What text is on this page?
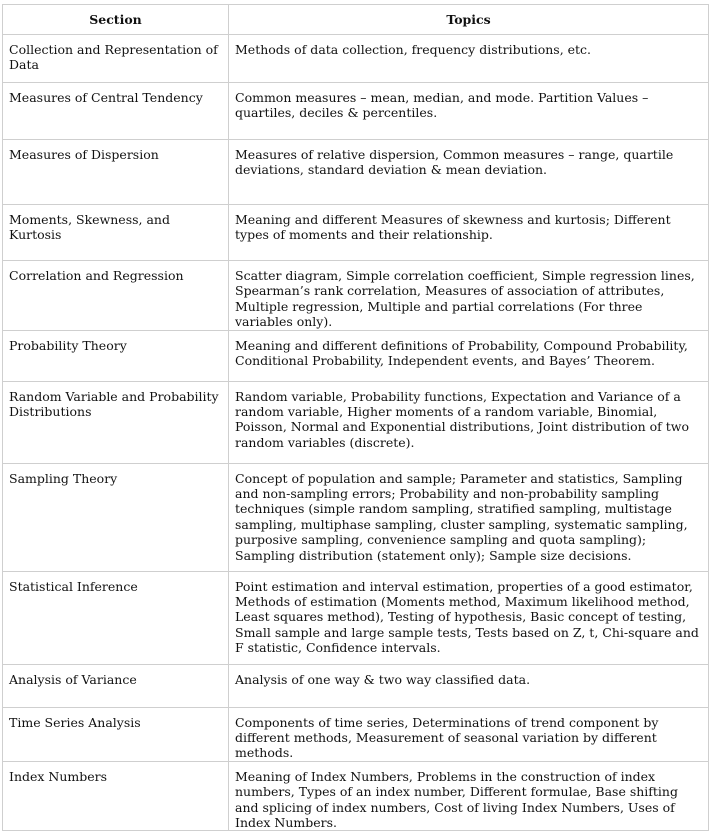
Section	Topics
Collection and Representation of Data	Methods of data collection, frequency distributions, etc.
Measures of Central Tendency	Common measures – mean, median, and mode. Partition Values – quartiles, deciles & percentiles.
Measures of Dispersion	Measures of relative dispersion, Common measures – range, quartile deviations, standard deviation & mean deviation.
Moments, Skewness, and Kurtosis	Meaning and different Measures of skewness and kurtosis; Different types of moments and their relationship.
Correlation and Regression	Scatter diagram, Simple correlation coefficient, Simple regression lines, Spearman’s rank correlation, Measures of association of attributes, Multiple regression, Multiple and partial correlations (For three variables only).
Probability Theory	Meaning and different definitions of Probability, Compound Probability, Conditional Probability, Independent events, and Bayes’ Theorem.
Random Variable and Probability Distributions	Random variable, Probability functions, Expectation and Variance of a random variable, Higher moments of a random variable, Binomial, Poisson, Normal and Exponential distributions, Joint distribution of two random variables (discrete).
Sampling Theory	Concept of population and sample; Parameter and statistics, Sampling and non-sampling errors; Probability and non-probability sampling techniques (simple random sampling, stratified sampling, multistage sampling, multiphase sampling, cluster sampling, systematic sampling, purposive sampling, convenience sampling and quota sampling); Sampling distribution (statement only); Sample size decisions.
Statistical Inference	Point estimation and interval estimation, properties of a good estimator, Methods of estimation (Moments method, Maximum likelihood method, Least squares method), Testing of hypothesis, Basic concept of testing, Small sample and large sample tests, Tests based on Z, t, Chi-square and F statistic, Confidence intervals.
Analysis of Variance	Analysis of one way & two way classified data.
Time Series Analysis	Components of time series, Determinations of trend component by different methods, Measurement of seasonal variation by different methods.
Index Numbers	Meaning of Index Numbers, Problems in the construction of index numbers, Types of an index number, Different formulae, Base shifting and splicing of index numbers, Cost of living Index Numbers, Uses of Index Numbers.
